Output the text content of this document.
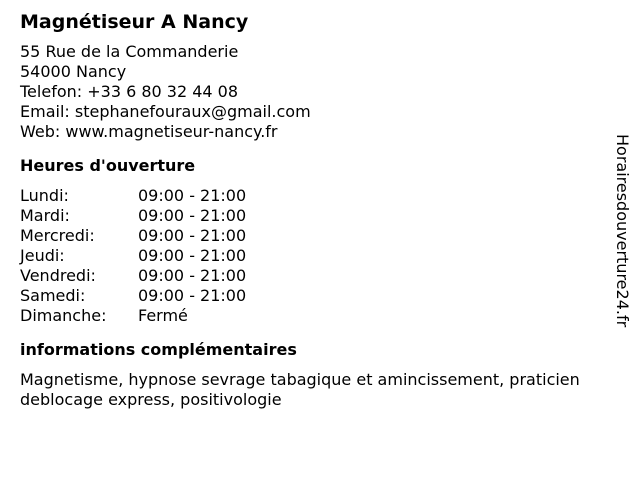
Magnétiseur A Nancy
55 Rue de la Commanderie
54000 Nancy
Telefon: +33 6 80 32 44 08
Email: stephanefouraux@gmail.com
Web: www.magnetiseur-nancy.fr
Heures d'ouverture
Lundi:	09:00 - 21:00
Mardi:	09:00 - 21:00
Mercredi:	09:00 - 21:00
Jeudi:	09:00 - 21:00
Vendredi:	09:00 - 21:00
Samedi:	09:00 - 21:00
Dimanche:	Fermé
informations complémentaires
Magnetisme, hypnose sevrage tabagique et amincissement, praticien deblocage express, positivologie
Horairesdouverture24.fr
